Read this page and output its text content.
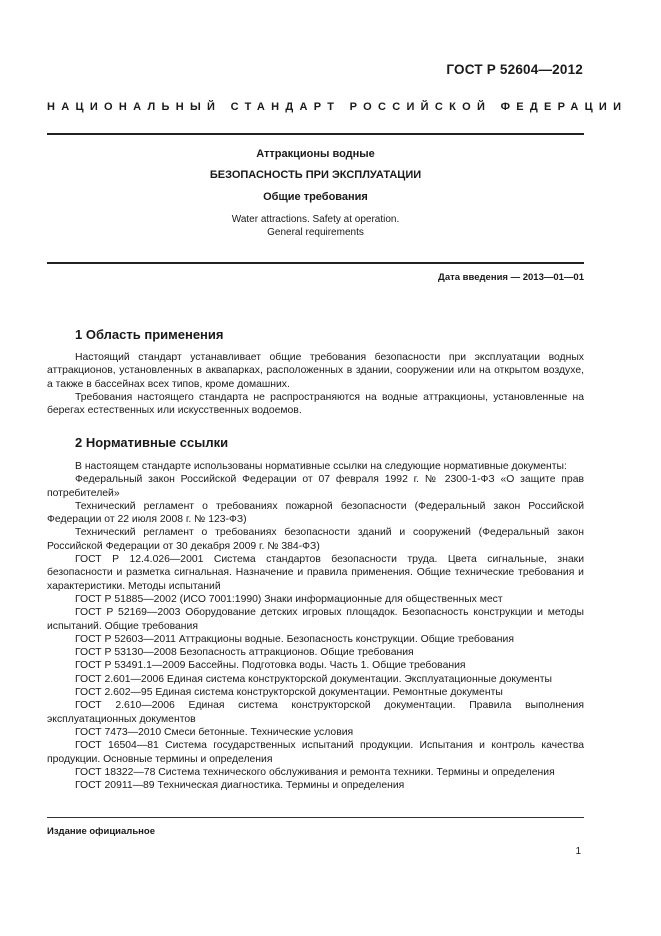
ГОСТ Р 52604—2012
НАЦИОНАЛЬНЫЙ СТАНДАРТ РОССИЙСКОЙ ФЕДЕРАЦИИ
Аттракционы водные
БЕЗОПАСНОСТЬ ПРИ ЭКСПЛУАТАЦИИ
Общие требования
Water attractions. Safety at operation.
General requirements
Дата введения — 2013—01—01
1 Область применения

Настоящий стандарт устанавливает общие требования безопасности при эксплуатации водных аттракционов, установленных в аквапарках, расположенных в здании, сооружении или на открытом воздухе, а также в бассейнах всех типов, кроме домашних.

Требования настоящего стандарта не распространяются на водные аттракционы, установленные на берегах естественных или искусственных водоемов.

2 Нормативные ссылки

В настоящем стандарте использованы нормативные ссылки на следующие нормативные документы:

Федеральный закон Российской Федерации от 07 февраля 1992 г. № 2300-1-ФЗ «О защите прав потребителей»

Технический регламент о требованиях пожарной безопасности (Федеральный закон Российской Федерации от 22 июля 2008 г. № 123-ФЗ)

Технический регламент о требованиях безопасности зданий и сооружений (Федеральный закон Российской Федерации от 30 декабря 2009 г. № 384-ФЗ)

ГОСТ Р 12.4.026—2001 Система стандартов безопасности труда. Цвета сигнальные, знаки безопасности и разметка сигнальная. Назначение и правила применения. Общие технические требования и характеристики. Методы испытаний

ГОСТ Р 51885—2002 (ИСО 7001:1990) Знаки информационные для общественных мест

ГОСТ Р 52169—2003 Оборудование детских игровых площадок. Безопасность конструкции и методы испытаний. Общие требования

ГОСТ Р 52603—2011 Аттракционы водные. Безопасность конструкции. Общие требования

ГОСТ Р 53130—2008 Безопасность аттракционов. Общие требования

ГОСТ Р 53491.1—2009 Бассейны. Подготовка воды. Часть 1. Общие требования

ГОСТ 2.601—2006 Единая система конструкторской документации. Эксплуатационные документы

ГОСТ 2.602—95 Единая система конструкторской документации. Ремонтные документы

ГОСТ 2.610—2006 Единая система конструкторской документации. Правила выполнения эксплуатационных документов

ГОСТ 7473—2010 Смеси бетонные. Технические условия

ГОСТ 16504—81 Система государственных испытаний продукции. Испытания и контроль качества продукции. Основные термины и определения

ГОСТ 18322—78 Система технического обслуживания и ремонта техники. Термины и определения

ГОСТ 20911—89 Техническая диагностика. Термины и определения

Издание официальное
1
